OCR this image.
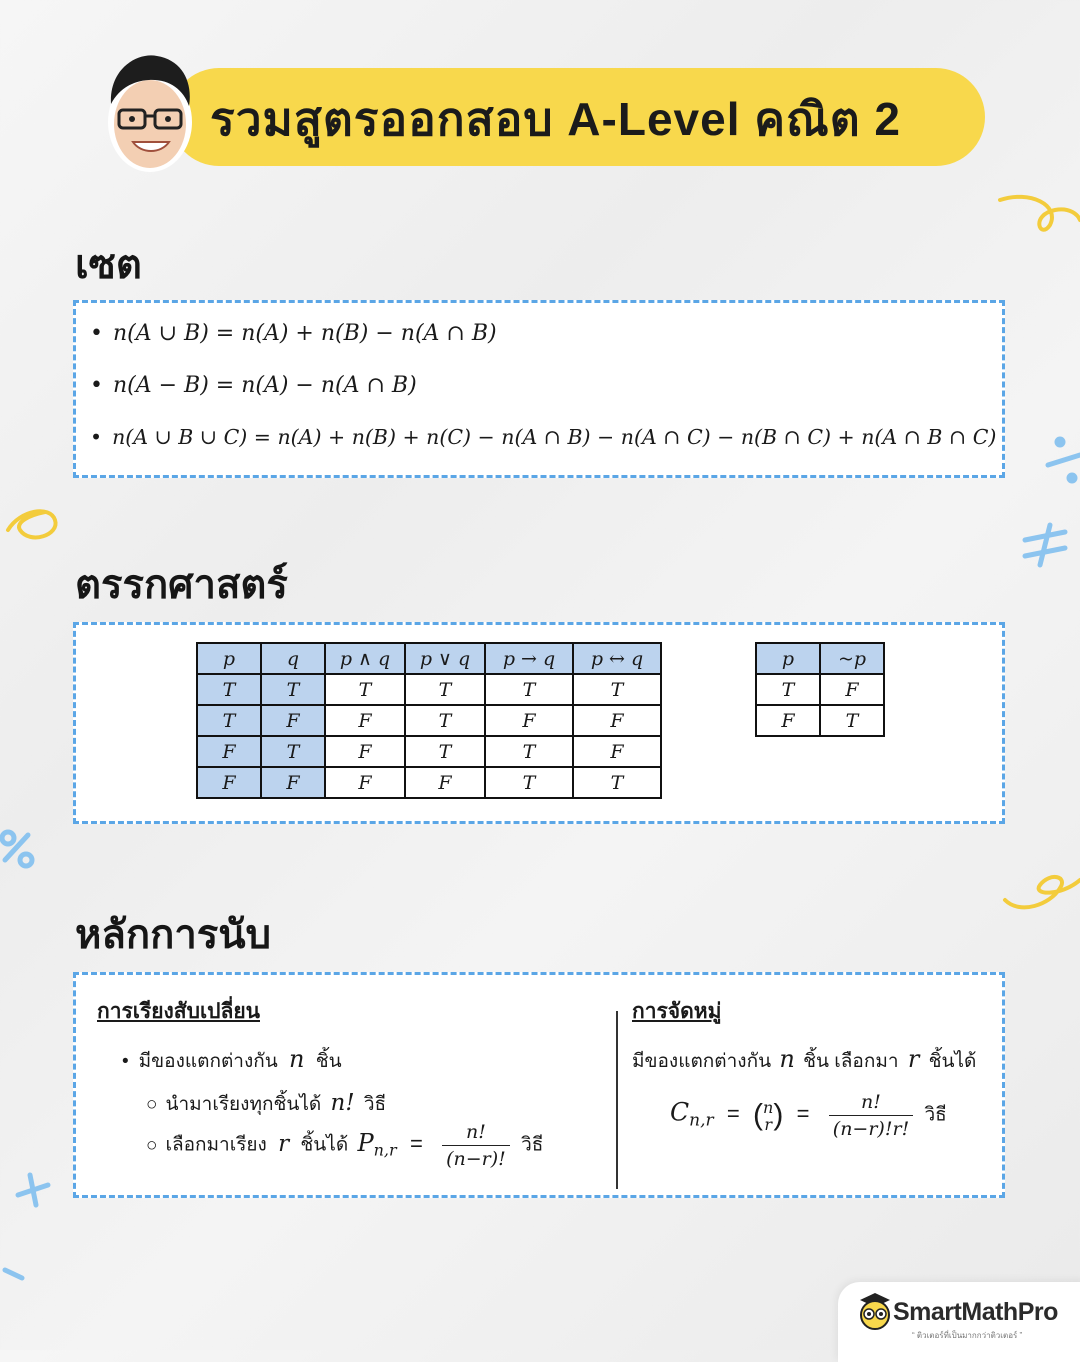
รวมสูตรออกสอบ A-Level คณิต 2
เซต
• n(A ∪ B) = n(A) + n(B) − n(A ∩ B)
• n(A − B) = n(A) − n(A ∩ B)
• n(A ∪ B ∪ C) = n(A) + n(B) + n(C) − n(A ∩ B) − n(A ∩ C) − n(B ∩ C) + n(A ∩ B ∩ C)
ตรรกศาสตร์
p	q	p ∧ q	p ∨ q	p → q	p ↔ q
T	T	T	T	T	T
T	F	F	T	F	F
F	T	F	T	T	F
F	F	F	F	T	T
p	~p
T	F
F	T
หลักการนับ
การเรียงสับเปลี่ยน
• มีของแตกต่างกัน n ชิ้น
○ นำมาเรียงทุกชิ้นได้ n! วิธี
○ เลือกมาเรียง r ชิ้นได้ $P_{n,r} = \frac{n!}{(n-r)!}$ วิธี
การจัดหมู่
มีของแตกต่างกัน n ชิ้น เลือกมา r ชิ้นได้
$C_{n,r}$ = ( n
r ) = $\frac{n!}{(n-r)!r!}$ วิธี
SmartMathPro
“ ติวเตอร์ที่เป็นมากกว่าติวเตอร์ ”
